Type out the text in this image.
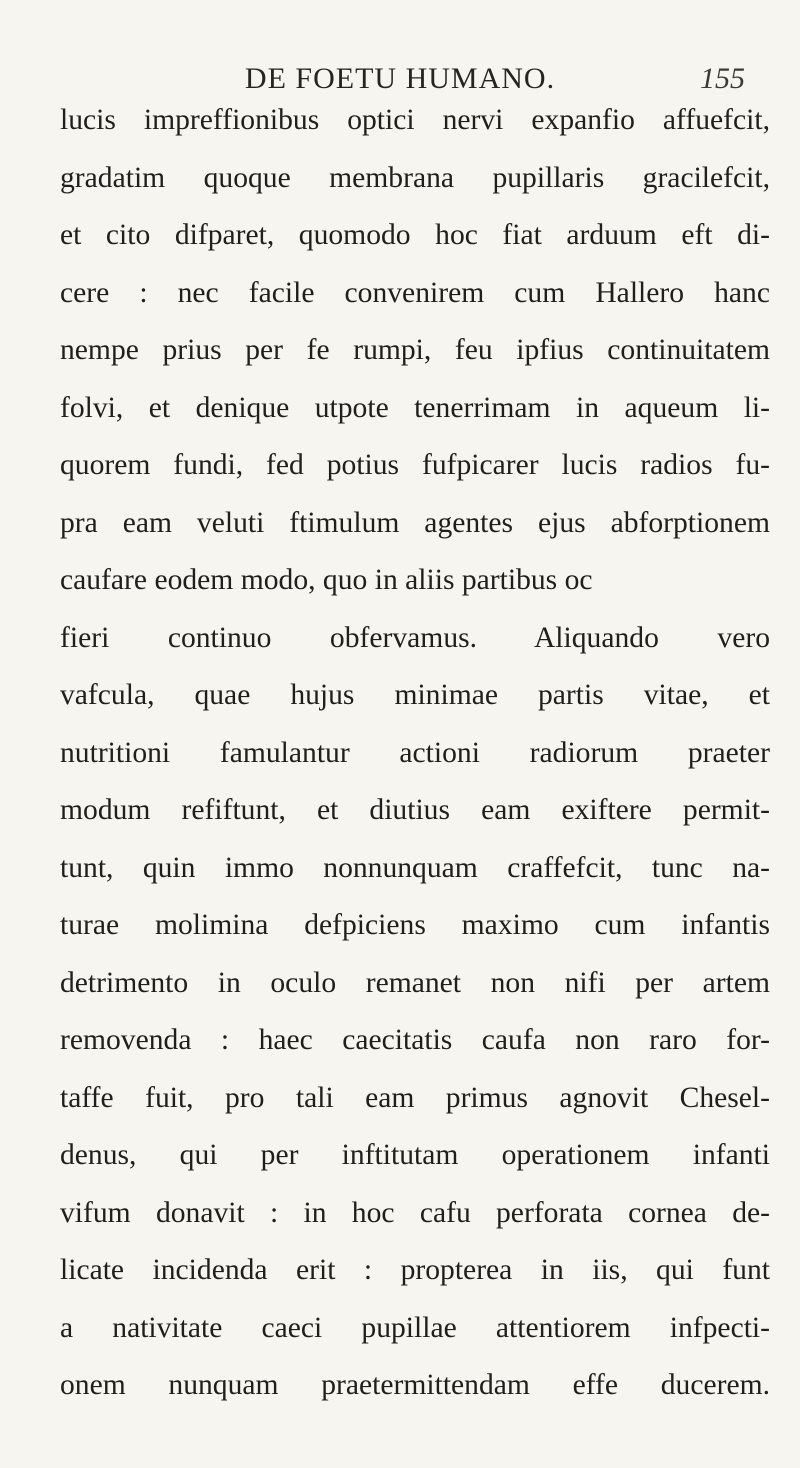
DE FOETU HUMANO.	155
lucis impreffionibus optici nervi expanfio affuefcit,
gradatim quoque membrana pupillaris gracilefcit,
et cito difparet, quomodo hoc fiat arduum eft di-
cere : nec facile convenirem cum Hallero hanc
nempe prius per fe rumpi, feu ipfius continuitatem
folvi, et denique utpote tenerrimam in aqueum li-
quorem fundi, fed potius fufpicarer lucis radios fu-
pra eam veluti ftimulum agentes ejus abforptionem
caufare eodem modo, quo in aliis partibus oc
fieri continuo obfervamus. Aliquando vero
vafcula, quae hujus minimae partis vitae, et
nutritioni famulantur actioni radiorum praeter
modum refiftunt, et diutius eam exiftere permit-
tunt, quin immo nonnunquam craffefcit, tunc na-
turae molimina defpiciens maximo cum infantis
detrimento in oculo remanet non nifi per artem
removenda : haec caecitatis caufa non raro for-
taffe fuit, pro tali eam primus agnovit Chesel-
denus, qui per inftitutam operationem infanti
vifum donavit : in hoc cafu perforata cornea de-
licate incidenda erit : propterea in iis, qui funt
a nativitate caeci pupillae attentiorem infpecti-
onem nunquam praetermittendam effe ducerem.
